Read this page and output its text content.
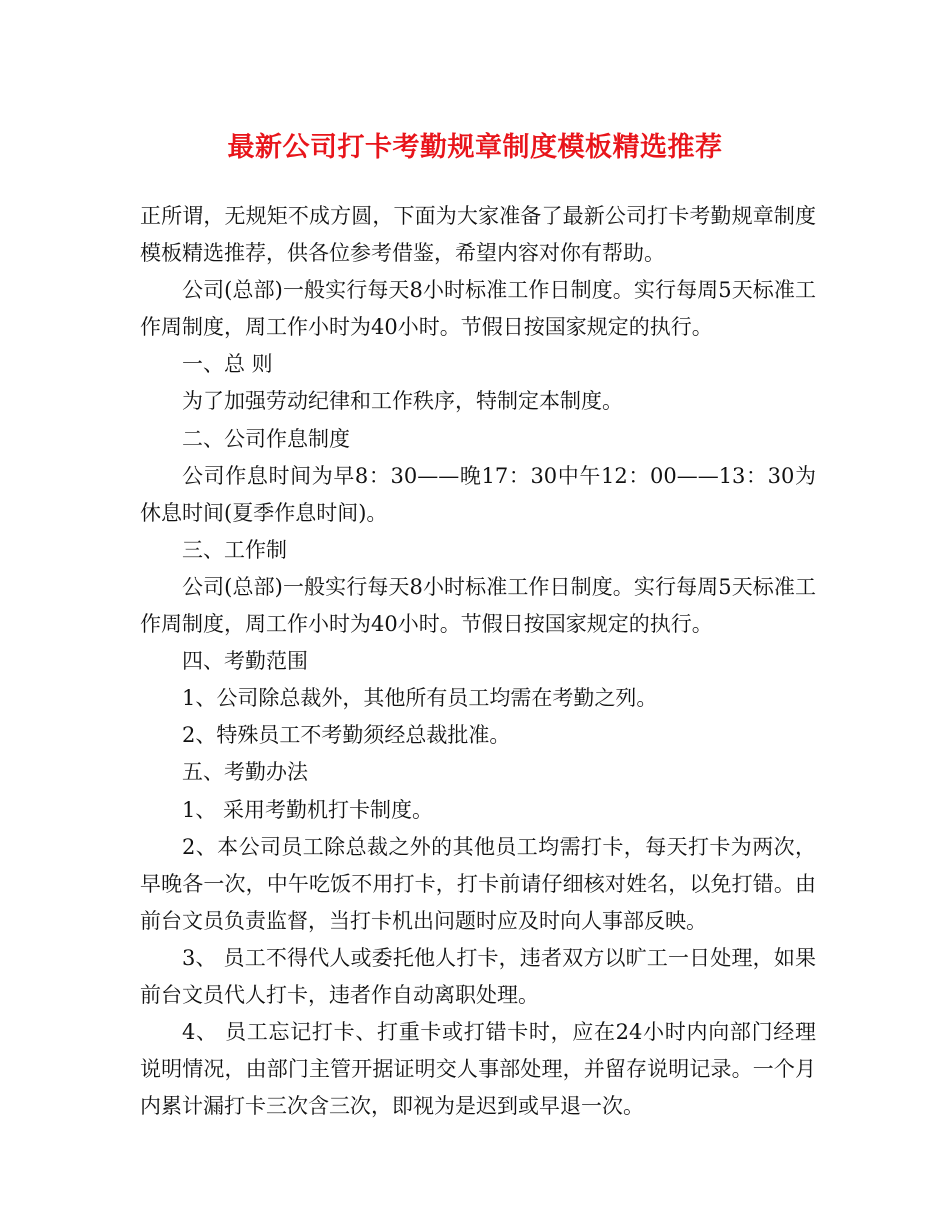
最新公司打卡考勤规章制度模板精选推荐

正所谓，无规矩不成方圆，下面为大家准备了最新公司打卡考勤规章制度模板精选推荐，供各位参考借鉴，希望内容对你有帮助。

公司(总部)一般实行每天8小时标准工作日制度。实行每周5天标准工作周制度，周工作小时为40小时。节假日按国家规定的执行。

一、总 则

为了加强劳动纪律和工作秩序，特制定本制度。

二、公司作息制度

公司作息时间为早8：30——晚17：30中午12：00——13：30为休息时间(夏季作息时间)。

三、工作制

公司(总部)一般实行每天8小时标准工作日制度。实行每周5天标准工作周制度，周工作小时为40小时。节假日按国家规定的执行。

四、考勤范围

1、公司除总裁外，其他所有员工均需在考勤之列。

2、特殊员工不考勤须经总裁批准。

五、考勤办法

1、 采用考勤机打卡制度。

2、本公司员工除总裁之外的其他员工均需打卡，每天打卡为两次，早晚各一次，中午吃饭不用打卡，打卡前请仔细核对姓名，以免打错。由前台文员负责监督，当打卡机出问题时应及时向人事部反映。

3、 员工不得代人或委托他人打卡，违者双方以旷工一日处理，如果前台文员代人打卡，违者作自动离职处理。

4、 员工忘记打卡、打重卡或打错卡时，应在24小时内向部门经理说明情况，由部门主管开据证明交人事部处理，并留存说明记录。一个月内累计漏打卡三次含三次，即视为是迟到或早退一次。
